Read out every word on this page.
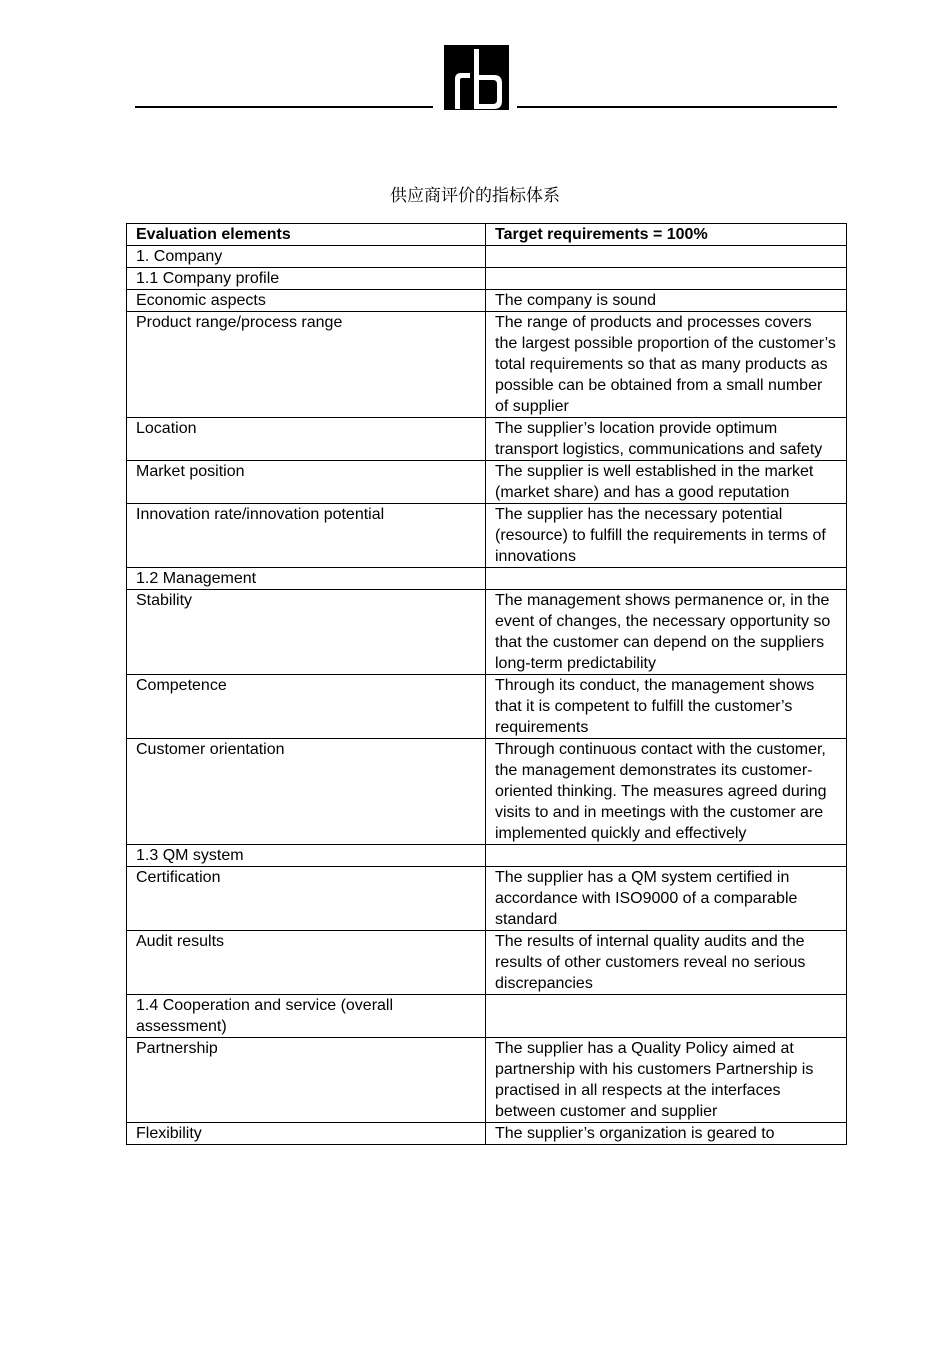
供应商评价的指标体系
Evaluation elements	Target requirements = 100%
1. Company	
1.1 Company profile	
Economic aspects	The company is sound
Product range/process range	The range of products and processes covers the largest possible proportion of the customer’s total requirements so that as many products as possible can be obtained from a small number of supplier
Location	The supplier’s location provide optimum transport logistics, communications and safety
Market position	The supplier is well established in the market (market share) and has a good reputation
Innovation rate/innovation potential	The supplier has the necessary potential (resource) to fulfill the requirements in terms of innovations
1.2 Management	
Stability	The management shows permanence or, in the event of changes, the necessary opportunity so that the customer can depend on the suppliers long-term predictability
Competence	Through its conduct, the management shows that it is competent to fulfill the customer’s requirements
Customer orientation	Through continuous contact with the customer, the management demonstrates its customer-oriented thinking. The measures agreed during visits to and in meetings with the customer are implemented quickly and effectively
1.3 QM system	
Certification	The supplier has a QM system certified in accordance with ISO9000 of a comparable standard
Audit results	The results of internal quality audits and the results of other customers reveal no serious discrepancies
1.4 Cooperation and service (overall assessment)	
Partnership	The supplier has a Quality Policy aimed at partnership with his customers Partnership is practised in all respects at the interfaces between customer and supplier
Flexibility	The supplier’s organization is geared to
